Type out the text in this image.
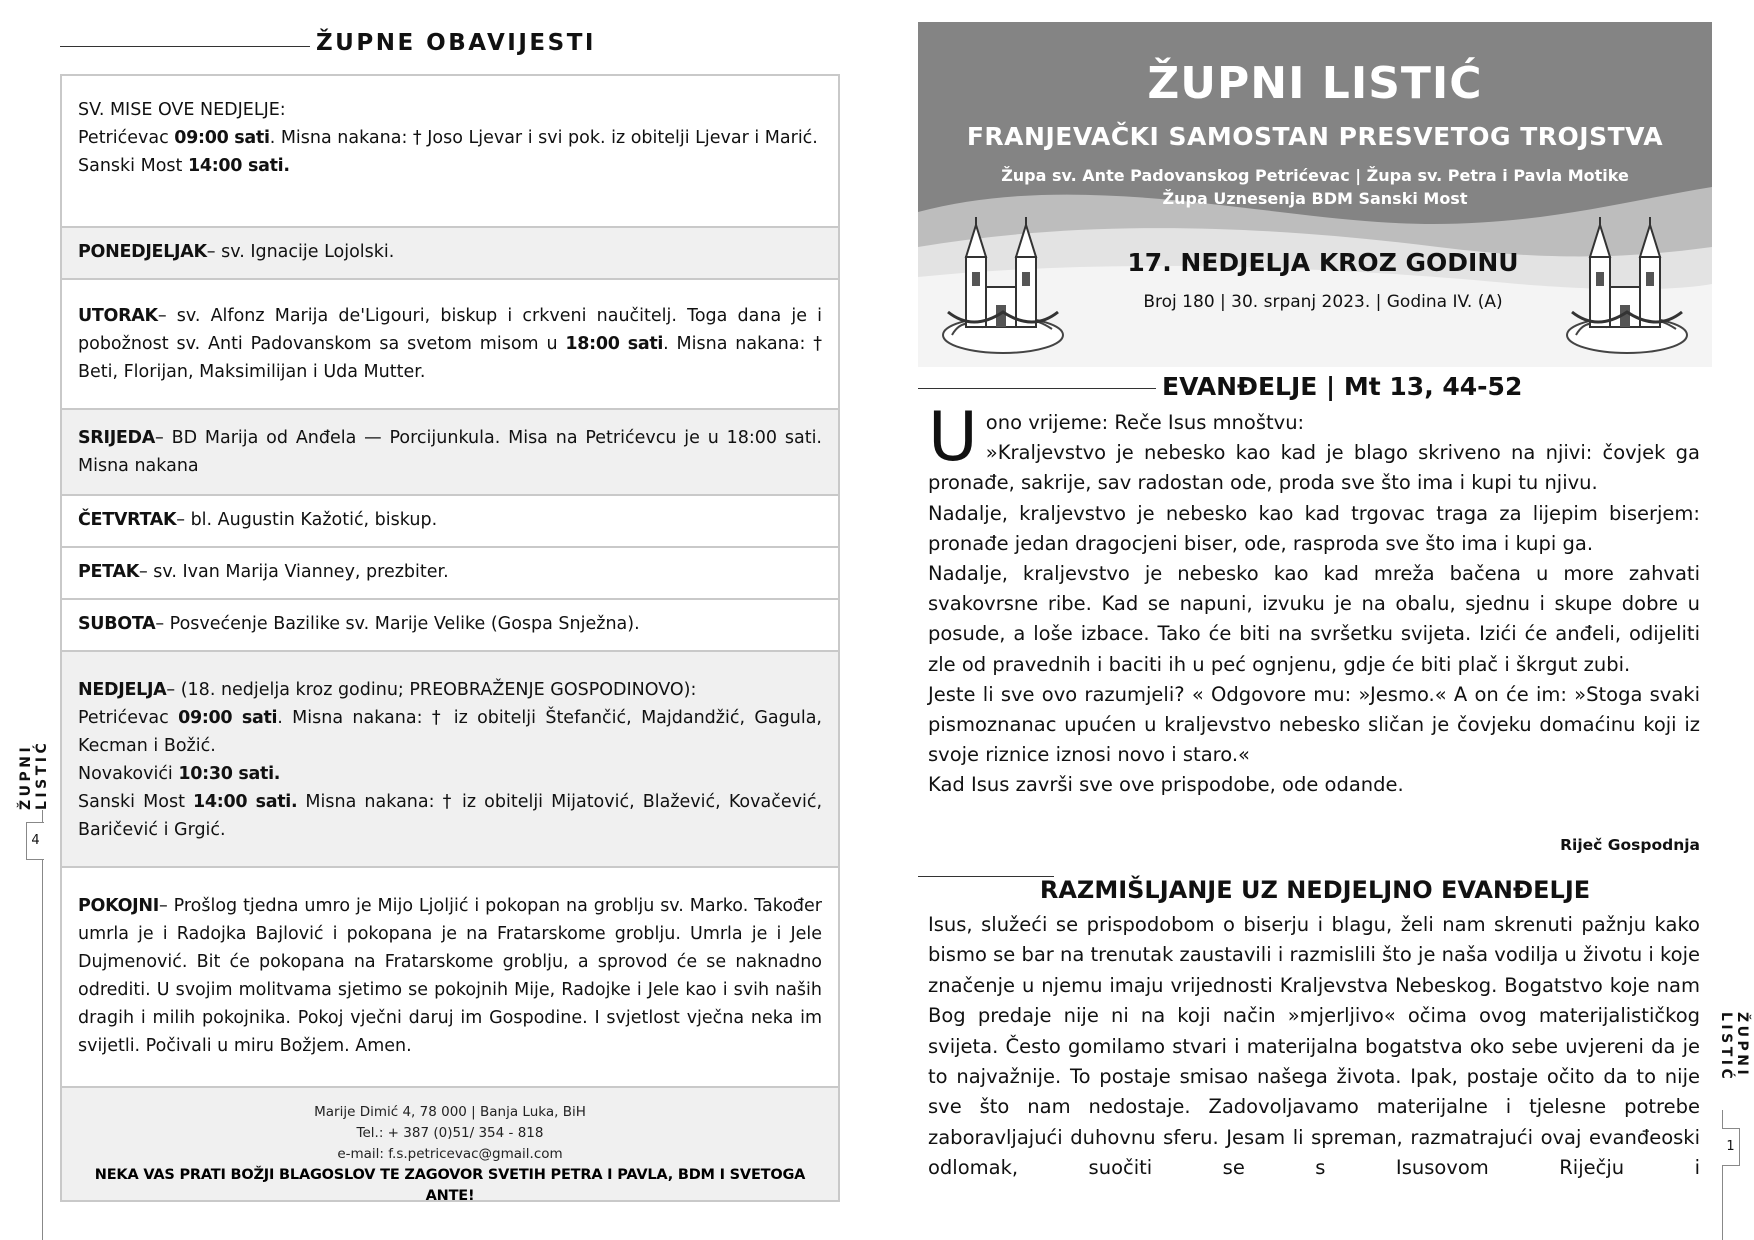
ŽUPNE OBAVIJESTI

SV. MISE OVE NEDJELJE:

Petrićevac 09:00 sati. Misna nakana: † Joso Ljevar i svi pok. iz obitelji Ljevar i Marić.

Sanski Most 14:00 sati.

PONEDJELJAK– sv. Ignacije Lojolski.

UTORAK– sv. Alfonz Marija de'Ligouri, biskup i crkveni naučitelj. Toga dana je i pobožnost sv. Anti Padovanskom sa svetom misom u 18:00 sati. Misna nakana: † Beti, Florijan, Maksimilijan i Uda Mutter.

SRIJEDA– BD Marija od Anđela — Porcijunkula. Misa na Petrićevcu je u 18:00 sati. Misna nakana

ČETVRTAK– bl. Augustin Kažotić, biskup.

PETAK– sv. Ivan Marija Vianney, prezbiter.

SUBOTA– Posvećenje Bazilike sv. Marije Velike (Gospa Snježna).

NEDJELJA– (18. nedjelja kroz godinu; PREOBRAŽENJE GOSPODINOVO):

Petrićevac 09:00 sati. Misna nakana: † iz obitelji Štefančić, Majdandžić, Gagula, Kecman i Božić.

Novakovići 10:30 sati.

Sanski Most 14:00 sati. Misna nakana: † iz obitelji Mijatović, Blažević, Kovačević, Baričević i Grgić.

POKOJNI– Prošlog tjedna umro je Mijo Ljoljić i pokopan na groblju sv. Marko. Također umrla je i Radojka Bajlović i pokopana je na Fratarskome groblju. Umrla je i Jele Dujmenović. Bit će pokopana na Fratarskome groblju, a sprovod će se naknadno odrediti. U svojim molitvama sjetimo se pokojnih Mije, Radojke i Jele kao i svih naših dragih i milih pokojnika. Pokoj vječni daruj im Gospodine. I svjetlost vječna neka im svijetli. Počivali u miru Božjem. Amen.

Marije Dimić 4, 78 000 | Banja Luka, BiH

Tel.: + 387 (0)51/ 354 - 818

e-mail: f.s.petricevac@gmail.com

NEKA VAS PRATI BOŽJI BLAGOSLOV TE ZAGOVOR SVETIH PETRA I PAVLA, BDM I SVETOGA ANTE!

ŽUPNI LISTIĆ
4
ŽUPNI LISTIĆ
FRANJEVAČKI SAMOSTAN PRESVETOG TROJSTVA
Župa sv. Ante Padovanskog Petrićevac | Župa sv. Petra i Pavla Motike
Župa Uznesenja BDM Sanski Most
17. NEDJELJA KROZ GODINU
Broj 180 | 30. srpanj 2023. | Godina IV. (A)
EVANĐELJE | Mt 13, 44-52
U ono vrijeme: Reče Isus mnoštvu:

»Kraljevstvo je nebesko kao kad je blago skriveno na njivi: čovjek ga pronađe, sakrije, sav radostan ode, proda sve što ima i kupi tu njivu.

Nadalje, kraljevstvo je nebesko kao kad trgovac traga za lijepim biserjem: pronađe jedan dragocjeni biser, ode, rasproda sve što ima i kupi ga.

Nadalje, kraljevstvo je nebesko kao kad mreža bačena u more zahvati svakovrsne ribe. Kad se napuni, izvuku je na obalu, sjednu i skupe dobre u posude, a loše izbace. Tako će biti na svršetku svijeta. Izići će anđeli, odijeliti zle od pravednih i baciti ih u peć ognjenu, gdje će biti plač i škrgut zubi.

Jeste li sve ovo razumjeli? « Odgovore mu: »Jesmo.« A on će im: »Stoga svaki pismoznanac upućen u kraljevstvo nebesko sličan je čovjeku domaćinu koji iz svoje riznice iznosi novo i staro.«

Kad Isus završi sve ove prispodobe, ode odande.

Riječ Gospodnja
RAZMIŠLJANJE UZ NEDJELJNO EVANĐELJE

Isus, služeći se prispodobom o biserju i blagu, želi nam skrenuti pažnju kako bismo se bar na trenutak zaustavili i razmislili što je naša vodilja u životu i koje značenje u njemu imaju vrijednosti Kraljevstva Nebeskog. Bogatstvo koje nam Bog predaje nije ni na koji način »mjerljivo« očima ovog materijalističkog svijeta. Često gomilamo stvari i materijalna bogatstva oko sebe uvjereni da je to najvažnije. To postaje smisao našega života. Ipak, postaje očito da to nije sve što nam nedostaje. Zadovoljavamo materijalne i tjelesne potrebe zaboravljajući duhovnu sferu. Jesam li spreman, razmatrajući ovaj evanđeoski odlomak, suočiti se s Isusovom Riječju i

ŽUPNI LISTIĆ
1
